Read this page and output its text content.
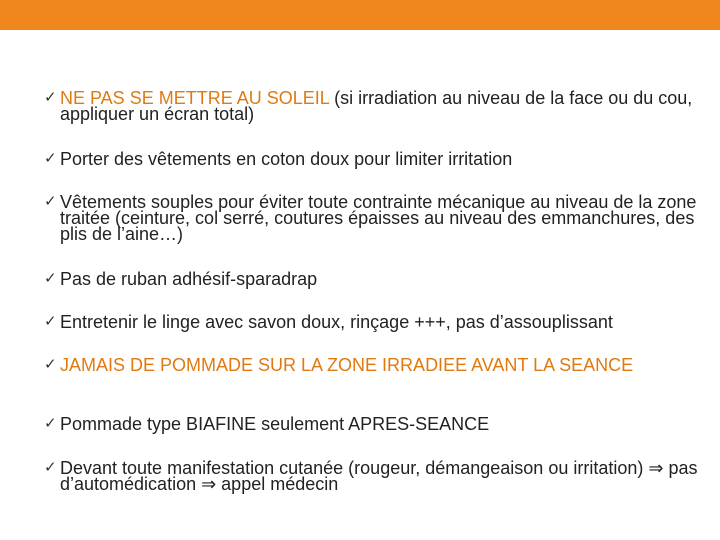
✓ NE PAS SE METTRE AU SOLEIL (si irradiation au niveau de la face ou du cou, appliquer un écran total)
✓ Porter des vêtements en coton doux pour limiter irritation
✓ Vêtements souples pour éviter toute contrainte mécanique au niveau de la zone traitée (ceinture, col serré, coutures épaisses au niveau des emmanchures, des plis de l’aine…)
✓ Pas de ruban adhésif-sparadrap
✓ Entretenir le linge avec savon doux, rinçage +++, pas d’assouplissant
✓ JAMAIS DE POMMADE SUR LA ZONE IRRADIEE AVANT LA SEANCE
✓ Pommade type BIAFINE seulement APRES-SEANCE
✓ Devant toute manifestation cutanée (rougeur, démangeaison ou irritation) ⇒ pas d’automédication ⇒ appel médecin
